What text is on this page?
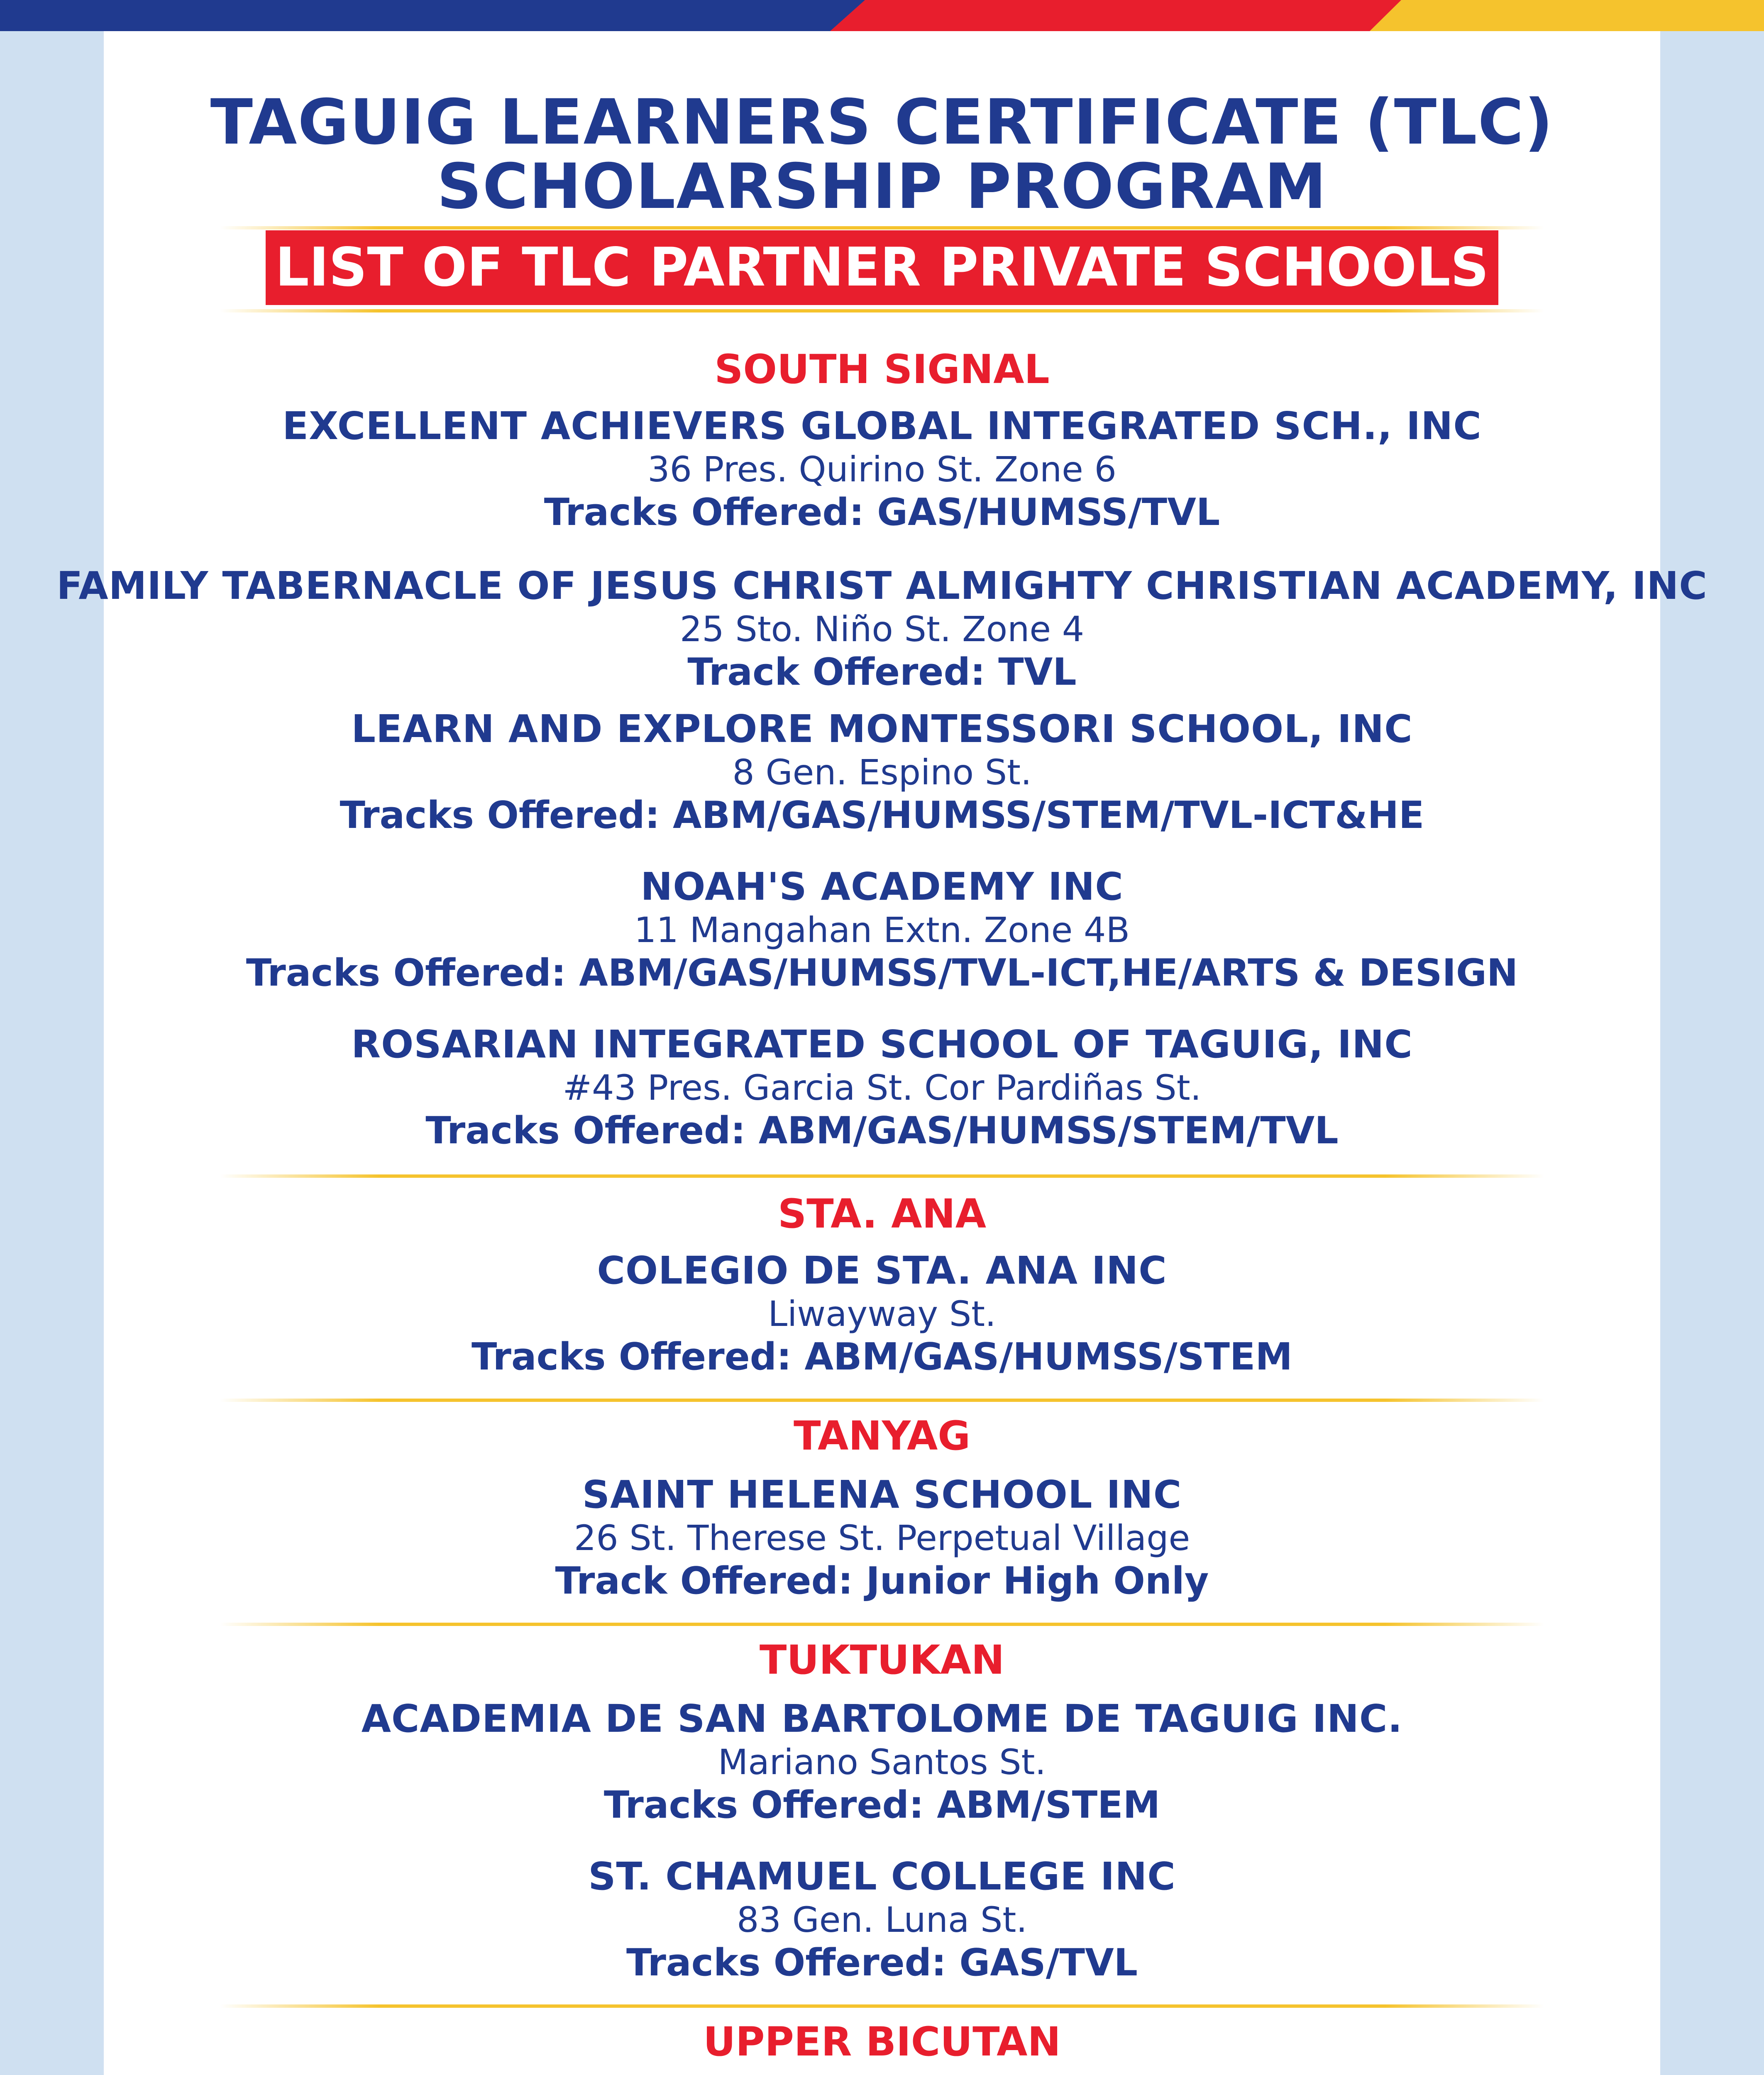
TAGUIG LEARNERS CERTIFICATE (TLC)
SCHOLARSHIP PROGRAM
LIST OF TLC PARTNER PRIVATE SCHOOLS
SOUTH SIGNAL
EXCELLENT ACHIEVERS GLOBAL INTEGRATED SCH., INC
36 Pres. Quirino St. Zone 6
Tracks Offered: GAS/HUMSS/TVL
FAMILY TABERNACLE OF JESUS CHRIST ALMIGHTY CHRISTIAN ACADEMY, INC
25 Sto. Niño St. Zone 4
Track Offered: TVL
LEARN AND EXPLORE MONTESSORI SCHOOL, INC
8 Gen. Espino St.
Tracks Offered: ABM/GAS/HUMSS/STEM/TVL-ICT&HE
NOAH'S ACADEMY INC
11 Mangahan Extn. Zone 4B
Tracks Offered: ABM/GAS/HUMSS/TVL-ICT,HE/ARTS & DESIGN
ROSARIAN INTEGRATED SCHOOL OF TAGUIG, INC
#43 Pres. Garcia St. Cor Pardiñas St.
Tracks Offered: ABM/GAS/HUMSS/STEM/TVL
STA. ANA
COLEGIO DE STA. ANA INC
Liwayway St.
Tracks Offered: ABM/GAS/HUMSS/STEM
TANYAG
SAINT HELENA SCHOOL INC
26 St. Therese St. Perpetual Village
Track Offered: Junior High Only
TUKTUKAN
ACADEMIA DE SAN BARTOLOME DE TAGUIG INC.
Mariano Santos St.
Tracks Offered: ABM/STEM
ST. CHAMUEL COLLEGE INC
83 Gen. Luna St.
Tracks Offered: GAS/TVL
UPPER BICUTAN
